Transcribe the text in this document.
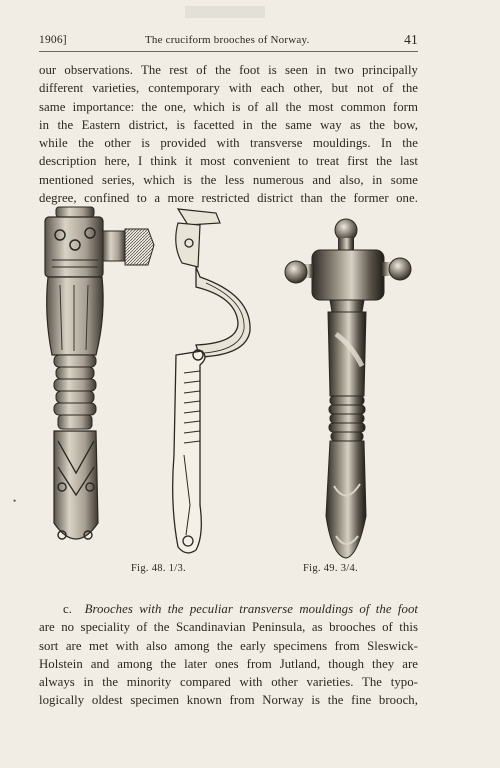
1906]	The cruciform brooches of Norway.	41
our observations. The rest of the foot is seen in two principally
different varieties, contemporary with each other, but not of the
same importance: the one, which is of all the most common form
in the Eastern district, is facetted in the same way as the bow,
while the other is provided with transverse mouldings. In the
description here, I think it most convenient to treat first the last
mentioned series, which is the less numerous and also, in some
degree, confined to a more restricted district than the former one.
Fig. 48. 1/3.	Fig. 49. 3/4.
•
c. Brooches with the peculiar transverse mouldings of the foot
are no speciality of the Scandinavian Peninsula, as brooches of this
sort are met with also among the early specimens from Sleswick-
Holstein and among the later ones from Jutland, though they are
always in the minority compared with other varieties. The typo-
logically oldest specimen known from Norway is the fine brooch,
